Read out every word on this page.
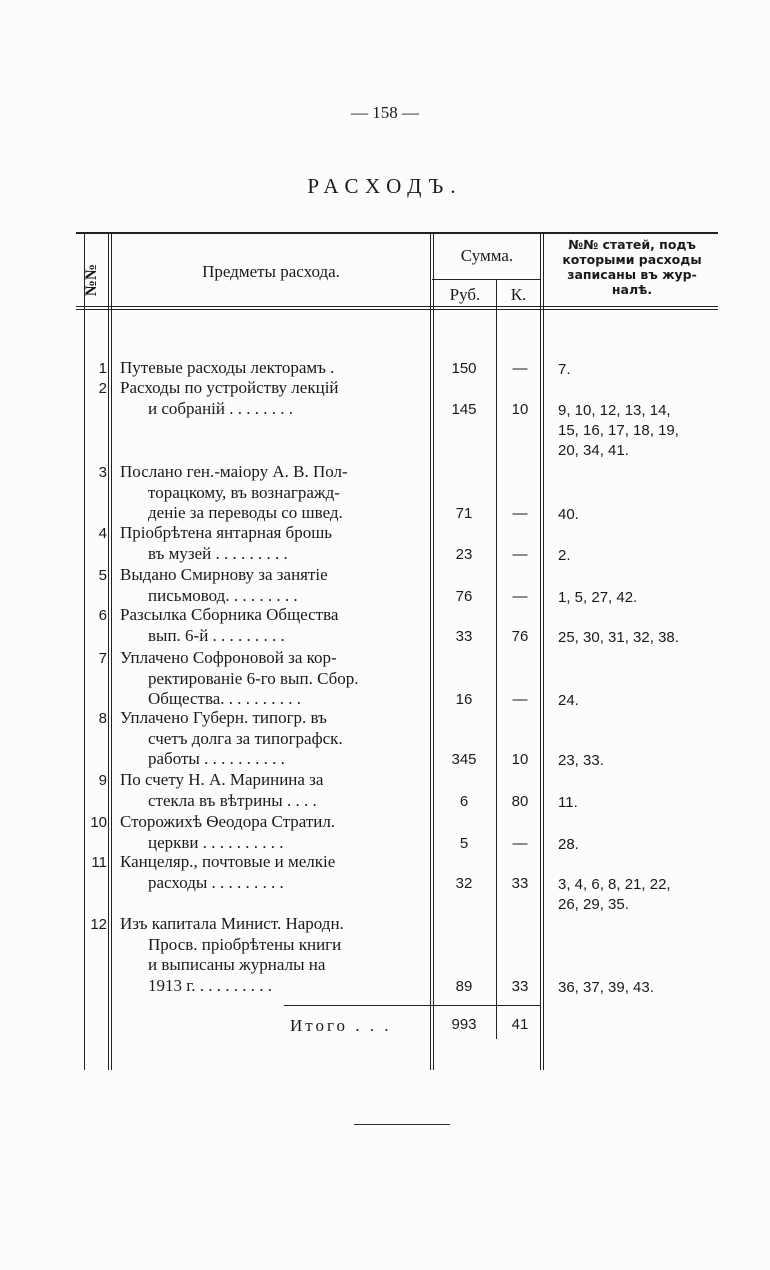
— 158 —
РАСХОДЪ.
№№	Предметы расхода.
Сумма.
Руб.	К.
№№ статей, подъ которыми расходы записаны въ жур-налѣ.
1 Путевые расходы лекторамъ .	150	—	7.
2 Расходы по устройству лекцій
и собраній . . . . . . . .	145	10	9, 10, 12, 13, 14,
15, 16, 17, 18, 19,
20, 34, 41.
3 Послано ген.-маіору А. В. Пол-
торацкому, въ вознагражд-
деніе за переводы со швед.	71	—	40.
4 Пріобрѣтена янтарная брошь
въ музей . . . . . . . . .	23	—	2.
5 Выдано Смирнову за занятіе
письмовод. . . . . . . . .	76	—	1, 5, 27, 42.
6 Разсылка Сборника Общества
вып. 6-й . . . . . . . . .	33	76	25, 30, 31, 32, 38.
7 Уплачено Софроновой за кор-
ректированіе 6-го вып. Сбор.
Общества. . . . . . . . . .	16	—	24.
8 Уплачено Губерн. типогр. въ
счетъ долга за типографск.
работы . . . . . . . . . .	345	10	23, 33.
9 По счету Н. А. Маринина за
стекла въ вѣтрины . . . .	6	80	11.
10 Сторожихѣ Ѳеодора Стратил.
церкви . . . . . . . . . .	5	—	28.
11 Канцеляр., почтовые и мелкіе
расходы . . . . . . . . .	32	33	3, 4, 6, 8, 21, 22,
26, 29, 35.
12 Изъ капитала Минист. Народн.
Просв. пріобрѣтены книги
и выписаны журналы на
1913 г. . . . . . . . . .	89	33	36, 37, 39, 43.
Итого . . .	993	41
